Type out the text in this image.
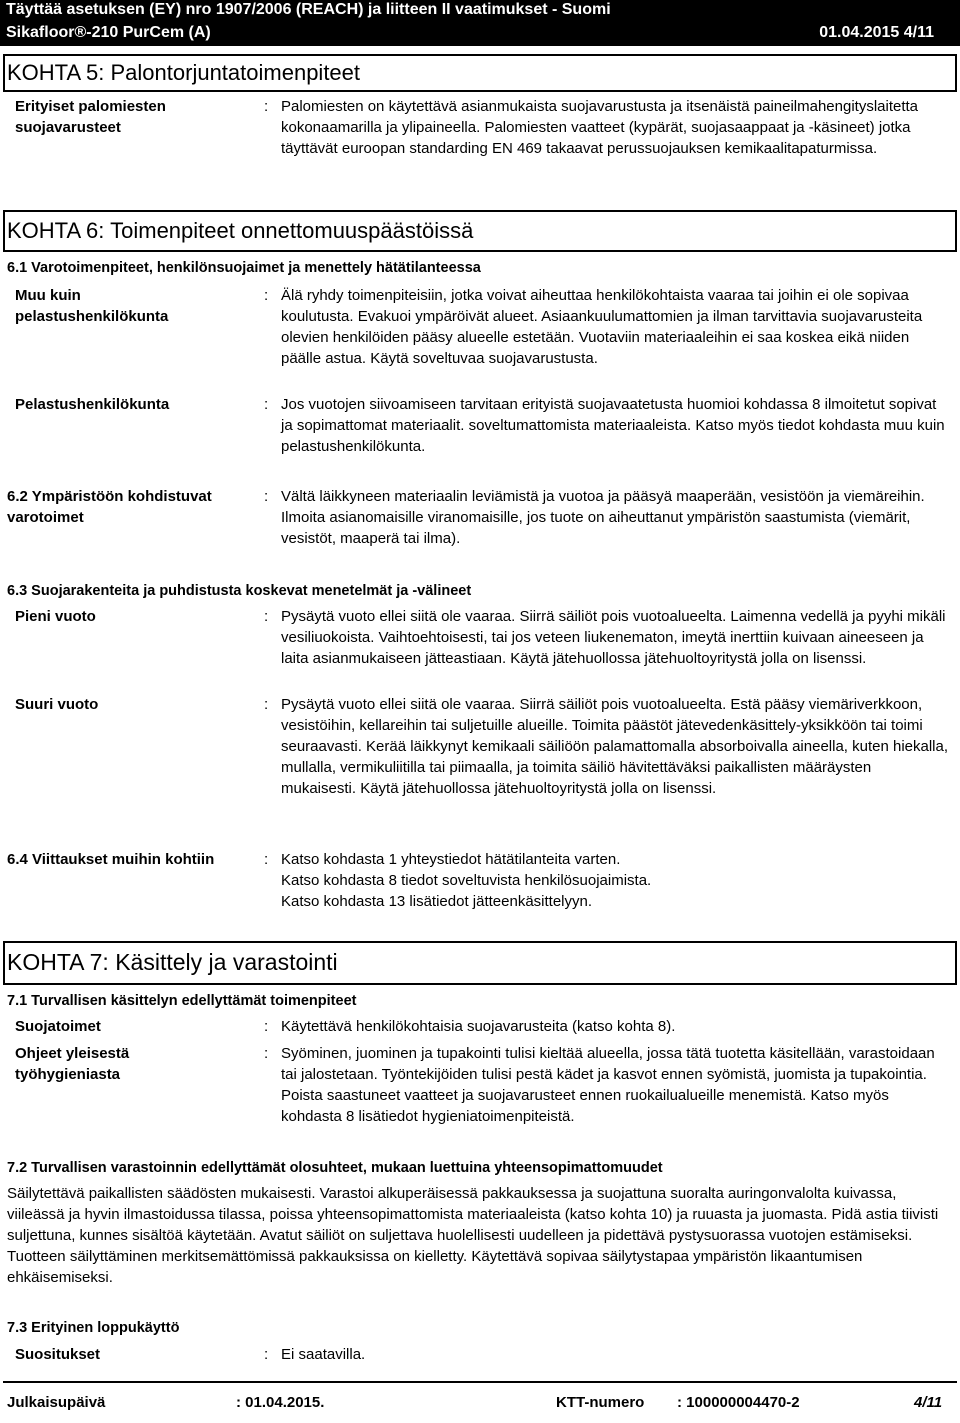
Täyttää asetuksen (EY) nro 1907/2006 (REACH) ja liitteen II vaatimukset - Suomi
Sikafloor®-210 PurCem (A)	01.04.2015 4/11
KOHTA 5: Palontorjuntatoimenpiteet
Erityiset palomiesten suojavarusteet
: Palomiesten on käytettävä asianmukaista suojavarustusta ja itsenäistä paineilmahengityslaitetta kokonaamarilla ja ylipaineella. Palomiesten vaatteet (kypärät, suojasaappaat ja -käsineet) jotka täyttävät euroopan standarding EN 469 takaavat perussuojauksen kemikaalitapaturmissa.
KOHTA 6: Toimenpiteet onnettomuuspäästöissä
6.1 Varotoimenpiteet, henkilönsuojaimet ja menettely hätätilanteessa
Muu kuin pelastushenkilökunta
: Älä ryhdy toimenpiteisiin, jotka voivat aiheuttaa henkilökohtaista vaaraa tai joihin ei ole sopivaa koulutusta. Evakuoi ympäröivät alueet. Asiaankuulumattomien ja ilman tarvittavia suojavarusteita olevien henkilöiden pääsy alueelle estetään. Vuotaviin materiaaleihin ei saa koskea eikä niiden päälle astua. Käytä soveltuvaa suojavarustusta.
Pelastushenkilökunta	: Jos vuotojen siivoamiseen tarvitaan erityistä suojavaatetusta huomioi kohdassa 8 ilmoitetut sopivat ja sopimattomat materiaalit. soveltumattomista materiaaleista. Katso myös tiedot kohdasta muu kuin pelastushenkilökunta.
6.2 Ympäristöön kohdistuvat varotoimet
: Vältä läikkyneen materiaalin leviämistä ja vuotoa ja pääsyä maaperään, vesistöön ja viemäreihin. Ilmoita asianomaisille viranomaisille, jos tuote on aiheuttanut ympäristön saastumista (viemärit, vesistöt, maaperä tai ilma).
6.3 Suojarakenteita ja puhdistusta koskevat menetelmät ja -välineet
Pieni vuoto	: Pysäytä vuoto ellei siitä ole vaaraa. Siirrä säiliöt pois vuotoalueelta. Laimenna vedellä ja pyyhi mikäli vesiliuokoista. Vaihtoehtoisesti, tai jos veteen liukenematon, imeytä inerttiin kuivaan aineeseen ja laita asianmukaiseen jätteastiaan. Käytä jätehuollossa jätehuoltoyritystä jolla on lisenssi.
Suuri vuoto	: Pysäytä vuoto ellei siitä ole vaaraa. Siirrä säiliöt pois vuotoalueelta. Estä pääsy viemäriverkkoon, vesistöihin, kellareihin tai suljetuille alueille. Toimita päästöt jätevedenkäsittely-yksikköön tai toimi seuraavasti. Kerää läikkynyt kemikaali säiliöön palamattomalla absorboivalla aineella, kuten hiekalla, mullalla, vermikuliitilla tai piimaalla, ja toimita säiliö hävitettäväksi paikallisten määräysten mukaisesti. Käytä jätehuollossa jätehuoltoyritystä jolla on lisenssi.
6.4 Viittaukset muihin kohtiin	: Katso kohdasta 1 yhteystiedot hätätilanteita varten.
Katso kohdasta 8 tiedot soveltuvista henkilösuojaimista.
Katso kohdasta 13 lisätiedot jätteenkäsittelyyn.
KOHTA 7: Käsittely ja varastointi
7.1 Turvallisen käsittelyn edellyttämät toimenpiteet
Suojatoimet	: Käytettävä henkilökohtaisia suojavarusteita (katso kohta 8).
Ohjeet yleisestä työhygieniasta
: Syöminen, juominen ja tupakointi tulisi kieltää alueella, jossa tätä tuotetta käsitellään, varastoidaan tai jalostetaan. Työntekijöiden tulisi pestä kädet ja kasvot ennen syömistä, juomista ja tupakointia. Poista saastuneet vaatteet ja suojavarusteet ennen ruokailualueille menemistä. Katso myös kohdasta 8 lisätiedot hygieniatoimenpiteistä.
7.2 Turvallisen varastoinnin edellyttämät olosuhteet, mukaan luettuina yhteensopimattomuudet
Säilytettävä paikallisten säädösten mukaisesti. Varastoi alkuperäisessä pakkauksessa ja suojattuna suoralta auringonvalolta kuivassa, viileässä ja hyvin ilmastoidussa tilassa, poissa yhteensopimattomista materiaaleista (katso kohta 10) ja ruuasta ja juomasta. Pidä astia tiivisti suljettuna, kunnes sisältöä käytetään. Avatut säiliöt on suljettava huolellisesti uudelleen ja pidettävä pystysuorassa vuotojen estämiseksi. Tuotteen säilyttäminen merkitsemättömissä pakkauksissa on kielletty. Käytettävä sopivaa säilytystapaa ympäristön likaantumisen ehkäisemiseksi.
7.3 Erityinen loppukäyttö
Suositukset	: Ei saatavilla.
Julkaisupäivä	: 01.04.2015.	KTT-numero : 100000004470-2	4/11
